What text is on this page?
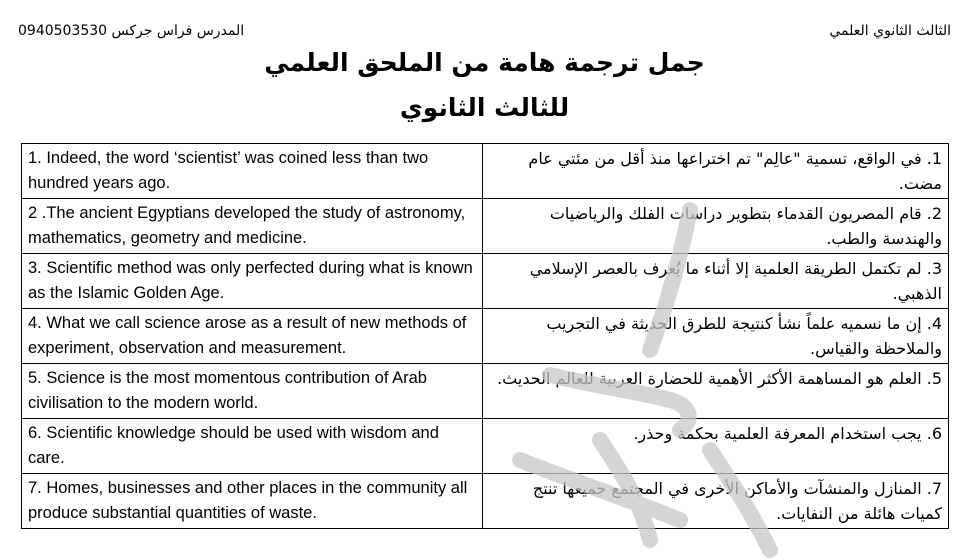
المدرس فراس جركس 0940503530	الثالث الثانوي العلمي
جمل ترجمة هامة من الملحق العلمي
للثالث الثانوي
1. Indeed, the word ‘scientist’ was coined less than two hundred years ago.	1. في الواقع، تسمية "عالِم" تم اختراعها منذ أقل من مئتي عام مضت.
2 .The ancient Egyptians developed the study of astronomy, mathematics, geometry and medicine.	2. قام المصريون القدماء بتطوير دراسات الفلك والرياضيات والهندسة والطب.
3. Scientific method was only perfected during what is known as the Islamic Golden Age.	3. لم تكتمل الطريقة العلمية إلا أثناء ما يُعرف بالعصر الإسلامي الذهبي.
4. What we call science arose as a result of new methods of experiment, observation and measurement.	4. إن ما نسميه علماً نشأ كنتيجة للطرق الحديثة في التجريب والملاحظة والقياس.
5. Science is the most momentous contribution of Arab civilisation to the modern world.	5. العلم هو المساهمة الأكثر الأهمية للحضارة العربية للعالم الحديث.
6. Scientific knowledge should be used with wisdom and care.	6. يجب استخدام المعرفة العلمية بحكمة وحذر.
7. Homes, businesses and other places in the community all produce substantial quantities of waste.	7. المنازل والمنشآت والأماكن الأخرى في المجتمع جميعها تنتج كميات هائلة من النفايات.
